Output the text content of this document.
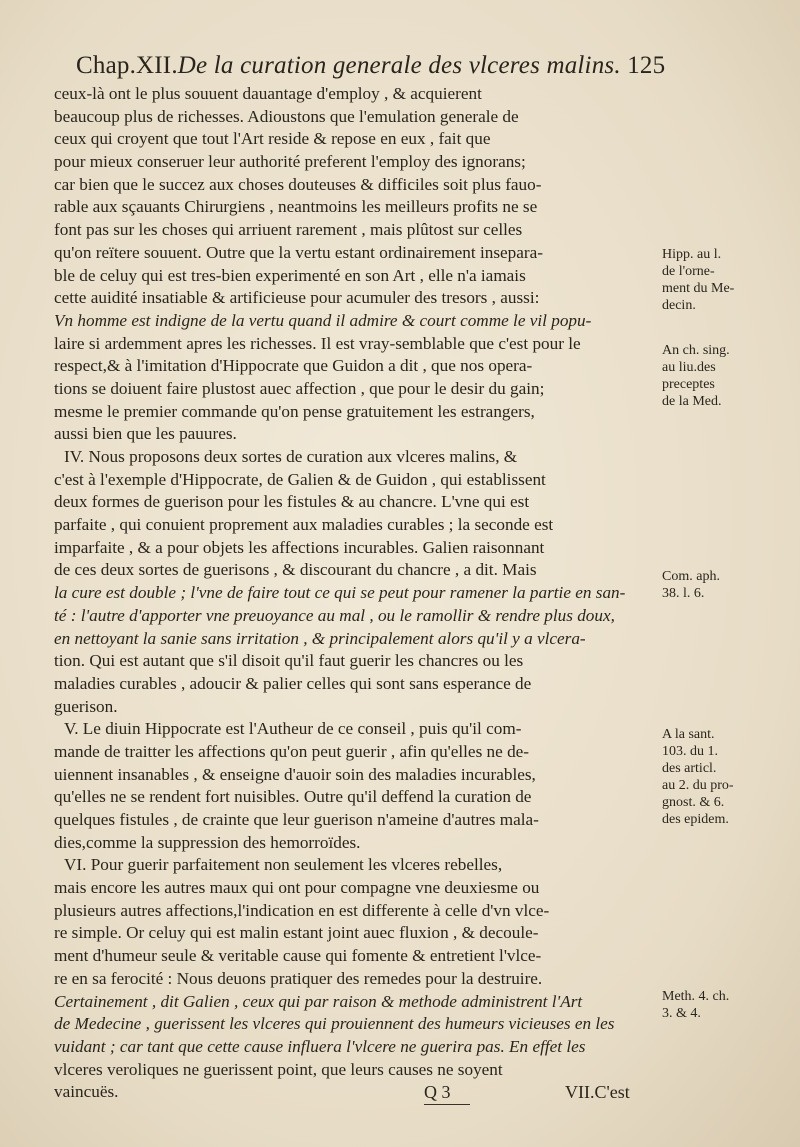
Chap.XII.De la curation generale des vlceres malins. 125
ceux-là ont le plus souuent dauantage d'employ , & acquierent
beaucoup plus de richesses. Adioustons que l'emulation generale de
ceux qui croyent que tout l'Art reside & repose en eux , fait que
pour mieux conseruer leur authorité preferent l'employ des ignorans;
car bien que le succez aux choses douteuses & difficiles soit plus fauo-
rable aux sçauants Chirurgiens , neantmoins les meilleurs profits ne se
font pas sur les choses qui arriuent rarement , mais plûtost sur celles
qu'on reïtere souuent. Outre que la vertu estant ordinairement insepara-
ble de celuy qui est tres-bien experimenté en son Art , elle n'a iamais
cette auidité insatiable & artificieuse pour acumuler des tresors , aussi:
Vn homme est indigne de la vertu quand il admire & court comme le vil popu-
laire si ardemment apres les richesses. Il est vray-semblable que c'est pour le
respect,& à l'imitation d'Hippocrate que Guidon a dit , que nos opera-
tions se doiuent faire plustost auec affection , que pour le desir du gain;
mesme le premier commande qu'on pense gratuitement les estrangers,
aussi bien que les pauures.
IV. Nous proposons deux sortes de curation aux vlceres malins, &
c'est à l'exemple d'Hippocrate, de Galien & de Guidon , qui establissent
deux formes de guerison pour les fistules & au chancre. L'vne qui est
parfaite , qui conuient proprement aux maladies curables ; la seconde est
imparfaite , & a pour objets les affections incurables. Galien raisonnant
de ces deux sortes de guerisons , & discourant du chancre , a dit. Mais
la cure est double ; l'vne de faire tout ce qui se peut pour ramener la partie en san-
té : l'autre d'apporter vne preuoyance au mal , ou le ramollir & rendre plus doux,
en nettoyant la sanie sans irritation , & principalement alors qu'il y a vlcera-
tion. Qui est autant que s'il disoit qu'il faut guerir les chancres ou les
maladies curables , adoucir & palier celles qui sont sans esperance de
guerison.
V. Le diuin Hippocrate est l'Autheur de ce conseil , puis qu'il com-
mande de traitter les affections qu'on peut guerir , afin qu'elles ne de-
uiennent insanables , & enseigne d'auoir soin des maladies incurables,
qu'elles ne se rendent fort nuisibles. Outre qu'il deffend la curation de
quelques fistules , de crainte que leur guerison n'ameine d'autres mala-
dies,comme la suppression des hemorroïdes.
VI. Pour guerir parfaitement non seulement les vlceres rebelles,
mais encore les autres maux qui ont pour compagne vne deuxiesme ou
plusieurs autres affections,l'indication en est differente à celle d'vn vlce-
re simple. Or celuy qui est malin estant joint auec fluxion , & decoule-
ment d'humeur seule & veritable cause qui fomente & entretient l'vlce-
re en sa ferocité : Nous deuons pratiquer des remedes pour la destruire.
Certainement , dit Galien , ceux qui par raison & methode administrent l'Art
de Medecine , guerissent les vlceres qui prouiennent des humeurs vicieuses en les
vuidant ; car tant que cette cause influera l'vlcere ne guerira pas. En effet les
vlceres veroliques ne guerissent point, que leurs causes ne soyent
vaincuës.
Hipp. au l.
de l'orne-
ment du Me-
decin.
An ch. sing.
au liu.des
preceptes
de la Med.
Com. aph.
38. l. 6.
A la sant.
103. du 1.
des articl.
au 2. du pro-
gnost. & 6.
des epidem.
Meth. 4. ch.
3. & 4.
Q 3	VII.C'est
